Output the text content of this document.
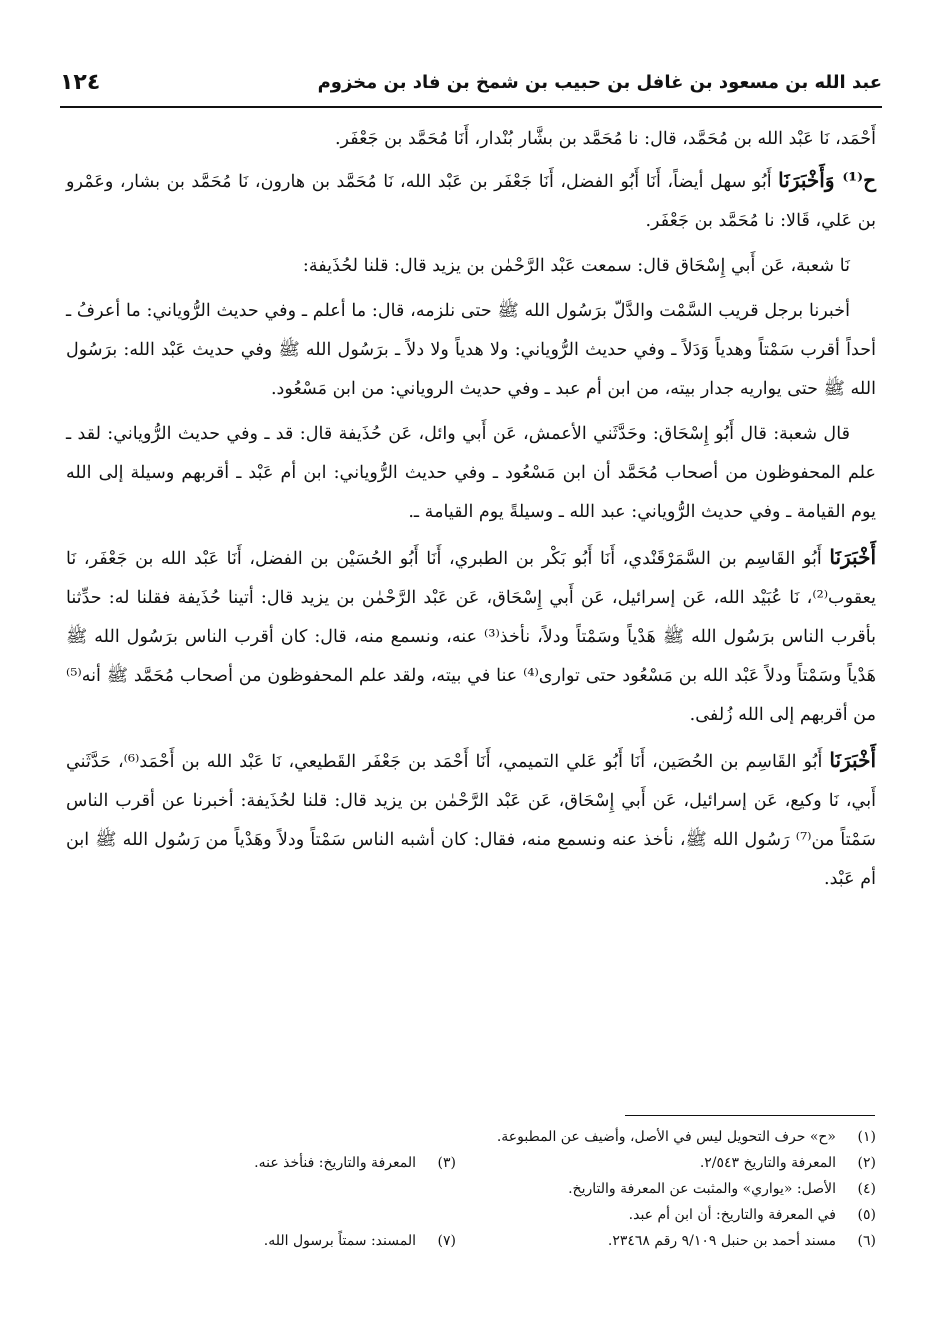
عبد الله بن مسعود بن غافل بن حبيب بن شمخ بن فاد بن مخزوم
١٢٤

أَحْمَد، نَا عَبْد الله بن مُحَمَّد، قال: نا مُحَمَّد بن بشَّار بُنْدار، أَنَا مُحَمَّد بن جَعْفَر.

ح⁽¹⁾ وَأَخْبَرَنَا أَبُو سهل أيضاً، أَنَا أَبُو الفضل، أَنَا جَعْفَر بن عَبْد الله، نَا مُحَمَّد بن هارون، نَا مُحَمَّد بن بشار، وعَمْرو بن عَلي، قَالا: نا مُحَمَّد بن جَعْفَر.

نَا شعبة، عَن أَبي إِسْحَاق قال: سمعت عَبْد الرَّحْمٰن بن يزيد قال: قلنا لحُذَيفة:

أخبرنا برجل قريب السَّمْت والدَّلّ برَسُول الله ﷺ حتى نلزمه، قال: ما أعلم ـ وفي حديث الرُّوياني: ما أعرفُ ـ أحداً أقرب سَمْتاً وهدياً وَدَلاً ـ وفي حديث الرُّوياني: ولا هدياً ولا دلاً ـ برَسُول الله ﷺ وفي حديث عَبْد الله: برَسُول الله ﷺ حتى يواريه جدار بيته، من ابن أم عبد ـ وفي حديث الروياني: من ابن مَسْعُود.

قال شعبة: قال أَبُو إِسْحَاق: وحَدَّثَني الأعمش، عَن أَبي وائل، عَن حُذَيفة قال: قد ـ وفي حديث الرُّوياني: لقد ـ علم المحفوظون من أصحاب مُحَمَّد أن ابن مَسْعُود ـ وفي حديث الرُّوياني: ابن أم عَبْد ـ أقربهم وسيلة إلى الله يوم القيامة ـ وفي حديث الرُّوياني: عبد الله ـ وسيلةً يوم القيامة ـ.

أَخْبَرَنَا أَبُو القَاسِم بن السَّمَرْقَنْدي، أَنَا أَبُو بَكْر بن الطبري، أَنَا أَبُو الحُسَيْن بن الفضل، أَنَا عَبْد الله بن جَعْفَر، نَا يعقوب⁽²⁾، نَا عُبَيْد الله، عَن إسرائيل، عَن أَبي إِسْحَاق، عَن عَبْد الرَّحْمٰن بن يزيد قال: أتينا حُذَيفة فقلنا له: حدِّثنا بأقرب الناس برَسُول الله ﷺ هَدْياً وسَمْتاً ودلاً، نأخذ⁽³⁾ عنه، ونسمع منه، قال: كان أقرب الناس برَسُول الله ﷺ هَدْياً وسَمْتاً ودلاً عَبْد الله بن مَسْعُود حتى توارى⁽⁴⁾ عنا في بيته، ولقد علم المحفوظون من أصحاب مُحَمَّد ﷺ أنه⁽⁵⁾ من أقربهم إلى الله زُلفى.

أَخْبَرَنَا أَبُو القَاسِم بن الحُصَين، أَنَا أَبُو عَلي التميمي، أَنَا أَحْمَد بن جَعْفَر القَطيعي، نَا عَبْد الله بن أَحْمَد⁽⁶⁾، حَدَّثَني أَبي، نَا وكيع، عَن إسرائيل، عَن أَبي إِسْحَاق، عَن عَبْد الرَّحْمٰن بن يزيد قال: قلنا لحُذَيفة: أخبرنا عن أقرب الناس سَمْتاً من⁽⁷⁾ رَسُول الله ﷺ، نأخذ عنه ونسمع منه، فقال: كان أشبه الناس سَمْتاً ودلاً وهَدْياً من رَسُول الله ﷺ ابن أم عَبْد.

(١)
«ح» حرف التحويل ليس في الأصل، وأضيف عن المطبوعة.
(٢)
المعرفة والتاريخ ٢/٥٤٣.
(٣)
المعرفة والتاريخ: فنأخذ عنه.
(٤)
الأصل: «يواري» والمثبت عن المعرفة والتاريخ.
(٥)
في المعرفة والتاريخ: أن ابن أم عبد.
(٦)
مسند أحمد بن حنبل ٩/١٠٩ رقم ٢٣٤٦٨.
(٧)
المسند: سمتاً برسول الله.
